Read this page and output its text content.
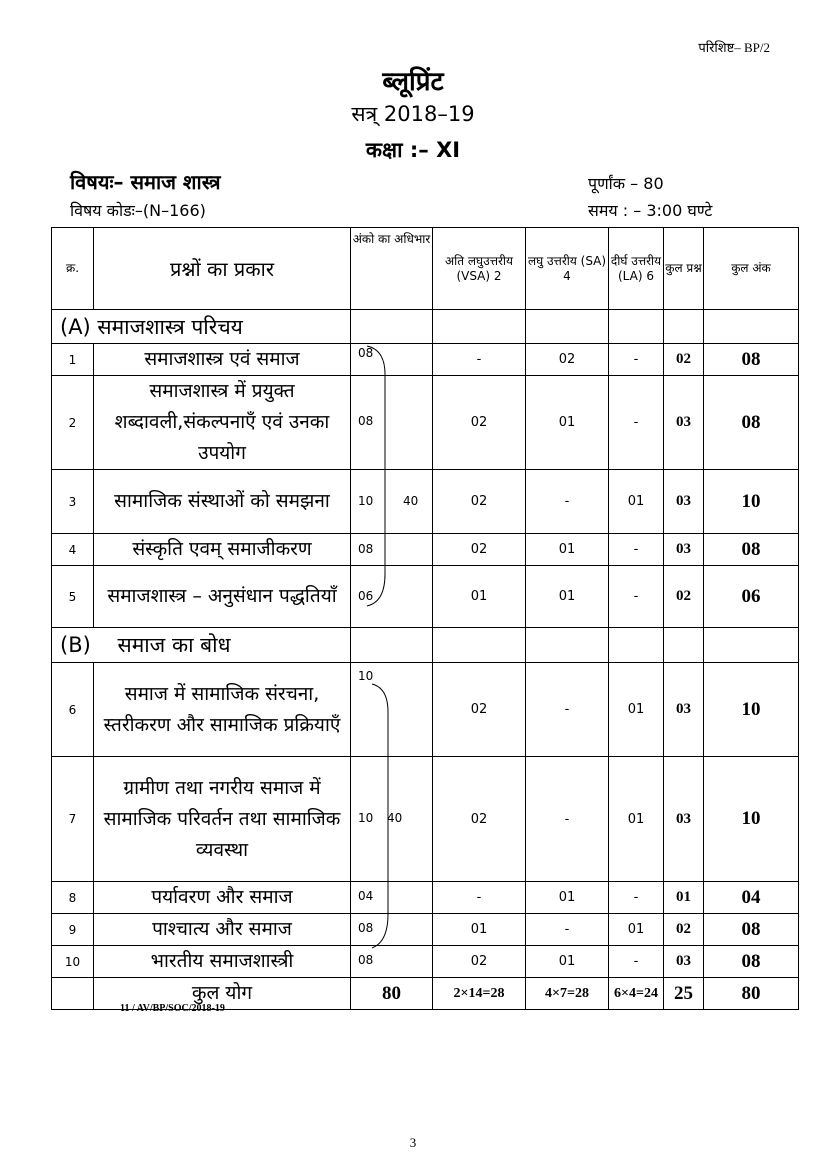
परिशिष्ट– BP/2
ब्लूप्रिंट
सत्र् 2018–19
कक्षा :– XI
विषयः– समाज शास्त्र
विषय कोडः–(N–166)
पूर्णांक – 80
समय : – 3:00 घण्टे
क्र.	प्रश्नों का प्रकार	अंको का अधिभार	अति लघुउत्तरीय (VSA) 2	लघु उत्तरीय (SA) 4	दीर्घ उत्तरीय (LA) 6	कुल प्रश्न	कुल अंक
(A) समाजशास्त्र परिचय							
1	समाजशास्त्र एवं समाज	08	-	02	-	02	08
2	समाजशास्त्र में प्रयुक्त शब्दावली,संकल्पनाएँ एवं उनका उपयोग	08	02	01	-	03	08
3	सामाजिक संस्थाओं को समझना	10 40	02	-	01	03	10
4	संस्कृति एवम् समाजीकरण	08	02	01	-	03	08
5	समाजशास्त्र – अनुसंधान पद्धतियाँ	06	01	01	-	02	06
(B)    समाज का बोध							
6	समाज में सामाजिक संरचना, स्तरीकरण और सामाजिक प्रक्रियाएँ	10	02	-	01	03	10
7	ग्रामीण तथा नगरीय समाज में सामाजिक परिवर्तन तथा सामाजिक व्यवस्था	10 40	02	-	01	03	10
8	पर्यावरण और समाज	04	-	01	-	01	04
9	पाश्चात्य और समाज	08	01	-	01	02	08
10	भारतीय समाजशास्त्री	08	02	01	-	03	08
	कुल योग	80	2×14=28	4×7=28	6×4=24	25	80
11 / AV/BP/SOC/2018-19
3
